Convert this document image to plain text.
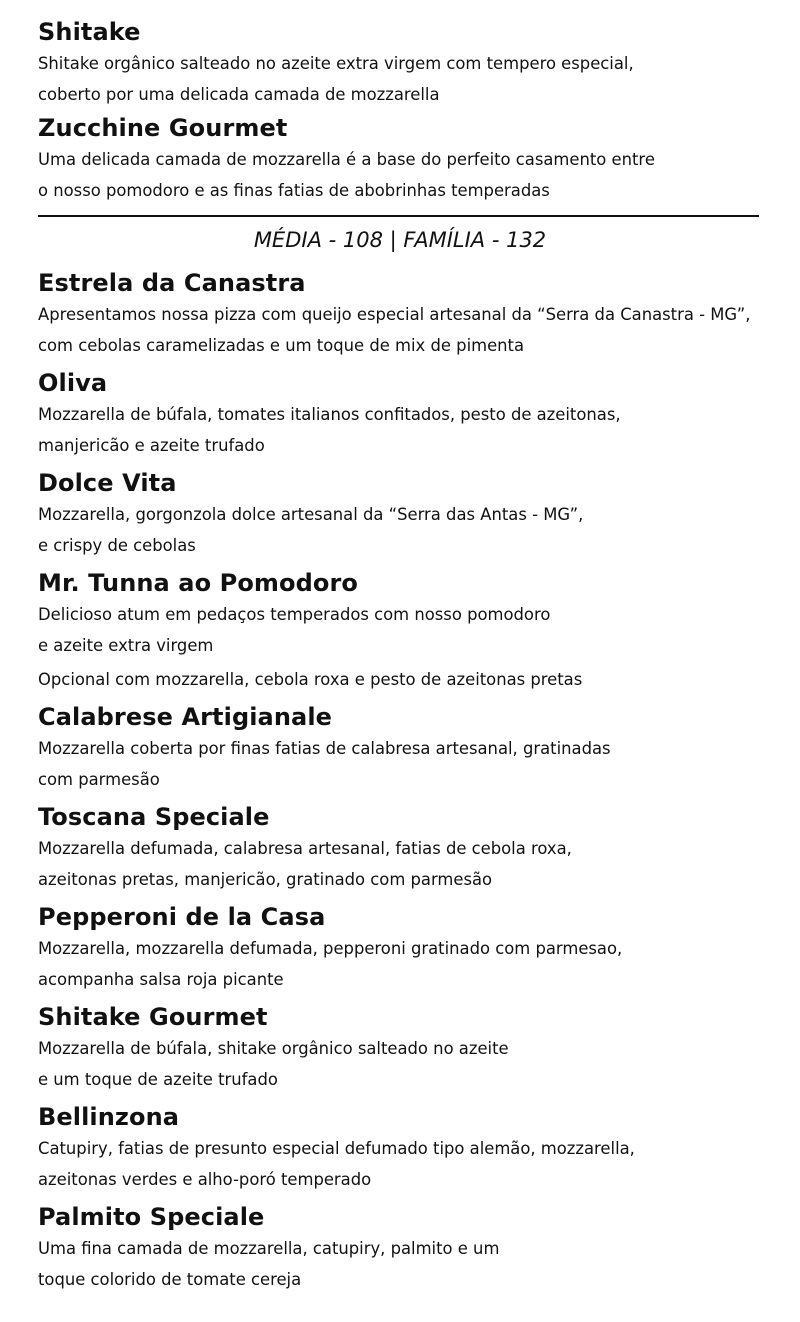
Shitake

Shitake orgânico salteado no azeite extra virgem com tempero especial,

coberto por uma delicada camada de mozzarella

Zucchine Gourmet

Uma delicada camada de mozzarella é a base do perfeito casamento entre

o nosso pomodoro e as finas fatias de abobrinhas temperadas

MÉDIA - 108 | FAMÍLIA - 132
Estrela da Canastra

Apresentamos nossa pizza com queijo especial artesanal da “Serra da Canastra - MG”,

com cebolas caramelizadas e um toque de mix de pimenta

Oliva

Mozzarella de búfala, tomates italianos confitados, pesto de azeitonas,

manjericão e azeite trufado

Dolce Vita

Mozzarella, gorgonzola dolce artesanal da “Serra das Antas - MG”,

e crispy de cebolas

Mr. Tunna ao Pomodoro

Delicioso atum em pedaços temperados com nosso pomodoro

e azeite extra virgem

Opcional com mozzarella, cebola roxa e pesto de azeitonas pretas

Calabrese Artigianale

Mozzarella coberta por finas fatias de calabresa artesanal, gratinadas

com parmesão

Toscana Speciale

Mozzarella defumada, calabresa artesanal, fatias de cebola roxa,

azeitonas pretas, manjericão, gratinado com parmesão

Pepperoni de la Casa

Mozzarella, mozzarella defumada, pepperoni gratinado com parmesao,

acompanha salsa roja picante

Shitake Gourmet

Mozzarella de búfala, shitake orgânico salteado no azeite

e um toque de azeite trufado

Bellinzona

Catupiry, fatias de presunto especial defumado tipo alemão, mozzarella,

azeitonas verdes e alho-poró temperado

Palmito Speciale

Uma fina camada de mozzarella, catupiry, palmito e um

toque colorido de tomate cereja
